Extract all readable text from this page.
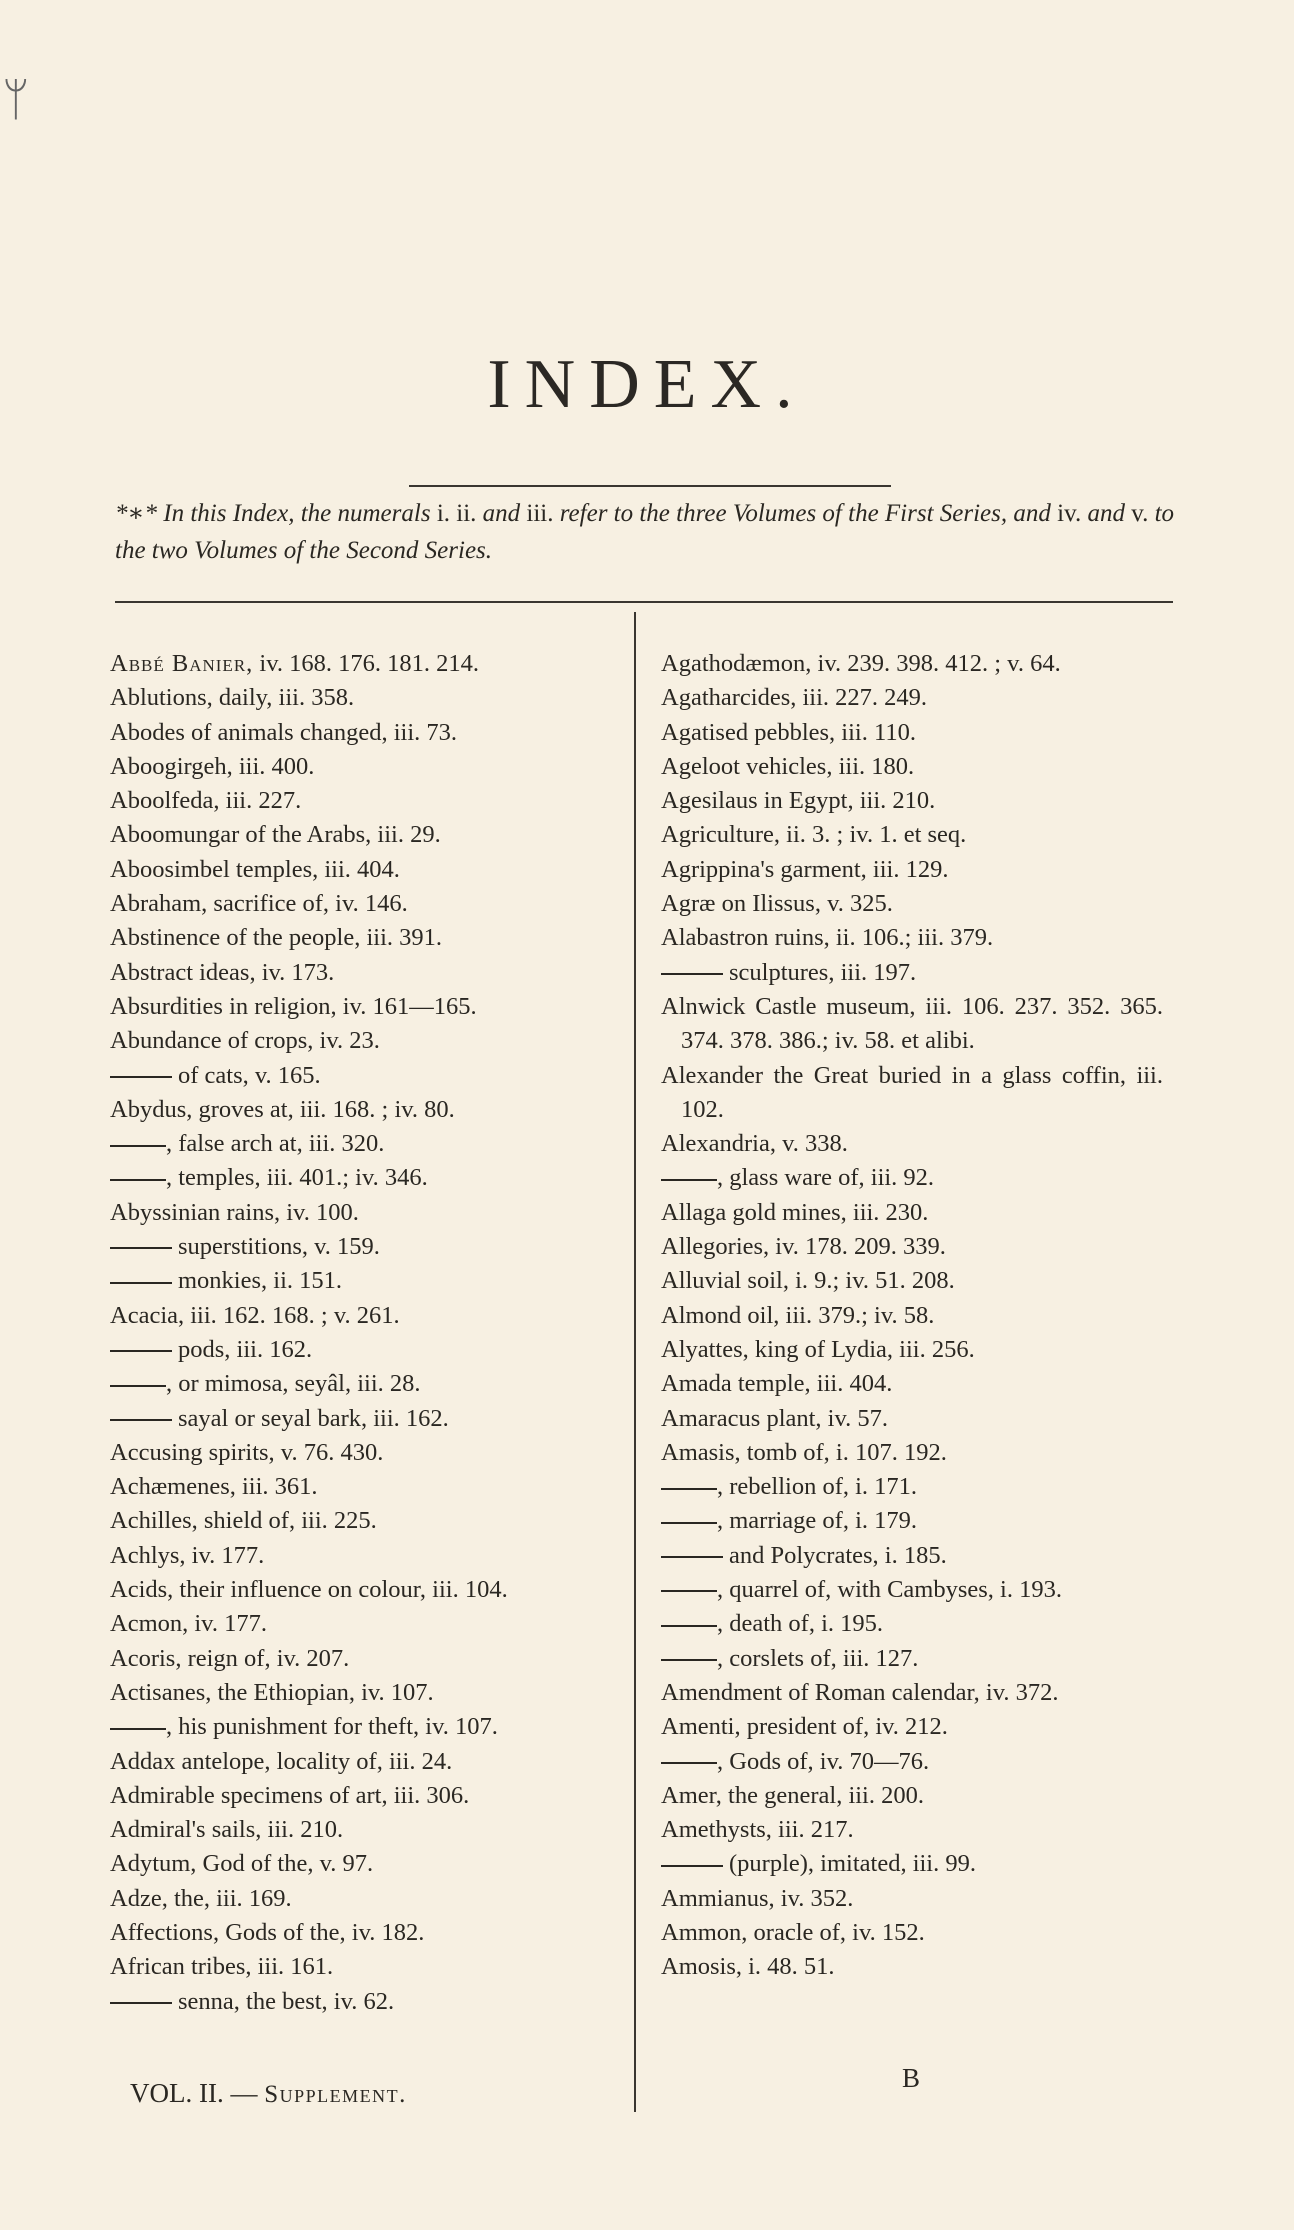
ᛘ
INDEX.
*∗* In this Index, the numerals i. ii. and iii. refer to the three Volumes of the First Series, and iv. and v. to the two Volumes of the Second Series.

Abbé Banier, iv. 168. 176. 181. 214.

Ablutions, daily, iii. 358.

Abodes of animals changed, iii. 73.

Aboogirgeh, iii. 400.

Aboolfeda, iii. 227.

Aboomungar of the Arabs, iii. 29.

Aboosimbel temples, iii. 404.

Abraham, sacrifice of, iv. 146.

Abstinence of the people, iii. 391.

Abstract ideas, iv. 173.

Absurdities in religion, iv. 161—165.

Abundance of crops, iv. 23.

of cats, v. 165.

Abydus, groves at, iii. 168. ; iv. 80.

, false arch at, iii. 320.

, temples, iii. 401.; iv. 346.

Abyssinian rains, iv. 100.

superstitions, v. 159.

monkies, ii. 151.

Acacia, iii. 162. 168. ; v. 261.

pods, iii. 162.

, or mimosa, seyâl, iii. 28.

sayal or seyal bark, iii. 162.

Accusing spirits, v. 76. 430.

Achæmenes, iii. 361.

Achilles, shield of, iii. 225.

Achlys, iv. 177.

Acids, their influence on colour, iii. 104.

Acmon, iv. 177.

Acoris, reign of, iv. 207.

Actisanes, the Ethiopian, iv. 107.

, his punishment for theft, iv. 107.

Addax antelope, locality of, iii. 24.

Admirable specimens of art, iii. 306.

Admiral's sails, iii. 210.

Adytum, God of the, v. 97.

Adze, the, iii. 169.

Affections, Gods of the, iv. 182.

African tribes, iii. 161.

senna, the best, iv. 62.

Agathodæmon, iv. 239. 398. 412. ; v. 64.

Agatharcides, iii. 227. 249.

Agatised pebbles, iii. 110.

Ageloot vehicles, iii. 180.

Agesilaus in Egypt, iii. 210.

Agriculture, ii. 3. ; iv. 1. et seq.

Agrippina's garment, iii. 129.

Agræ on Ilissus, v. 325.

Alabastron ruins, ii. 106.; iii. 379.

sculptures, iii. 197.

Alnwick Castle museum, iii. 106. 237. 352. 365. 374. 378. 386.; iv. 58. et alibi.

Alexander the Great buried in a glass coffin, iii. 102.

Alexandria, v. 338.

, glass ware of, iii. 92.

Allaga gold mines, iii. 230.

Allegories, iv. 178. 209. 339.

Alluvial soil, i. 9.; iv. 51. 208.

Almond oil, iii. 379.; iv. 58.

Alyattes, king of Lydia, iii. 256.

Amada temple, iii. 404.

Amaracus plant, iv. 57.

Amasis, tomb of, i. 107. 192.

, rebellion of, i. 171.

, marriage of, i. 179.

and Polycrates, i. 185.

, quarrel of, with Cambyses, i. 193.

, death of, i. 195.

, corslets of, iii. 127.

Amendment of Roman calendar, iv. 372.

Amenti, president of, iv. 212.

, Gods of, iv. 70—76.

Amer, the general, iii. 200.

Amethysts, iii. 217.

(purple), imitated, iii. 99.

Ammianus, iv. 352.

Ammon, oracle of, iv. 152.

Amosis, i. 48. 51.

VOL. II. — Supplement.
B
